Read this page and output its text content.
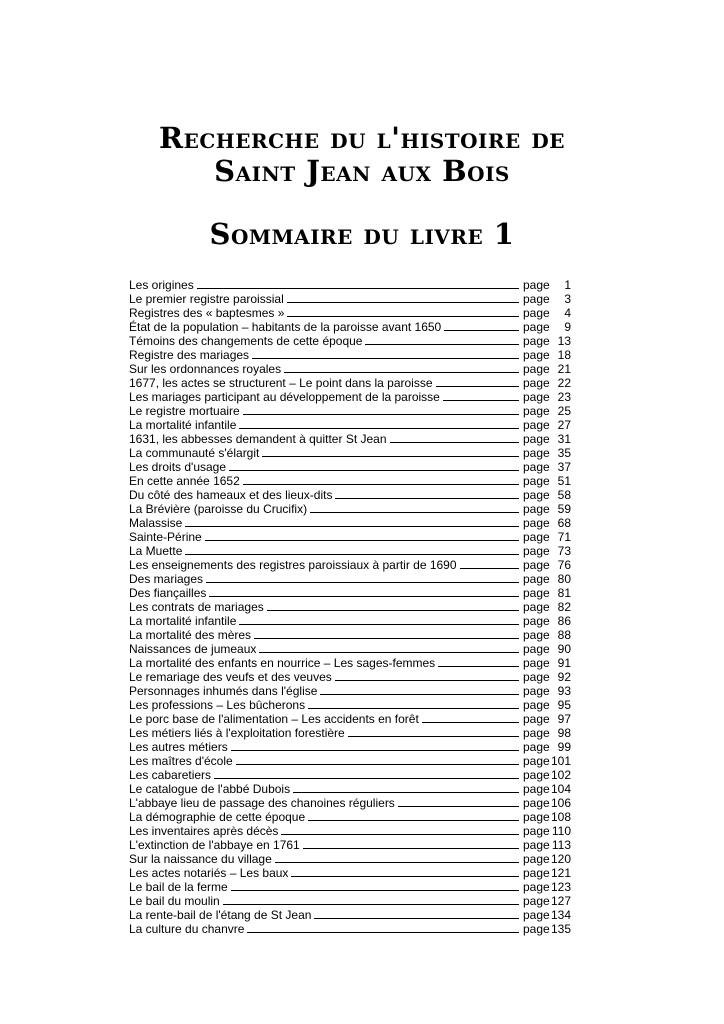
Recherche du l'histoire de
Saint Jean aux Bois
Sommaire du livre 1
Les origines	page	1
Le premier registre paroissial	page	3
Registres des « baptesmes »	page	4
État de la population – habitants de la paroisse avant 1650	page	9
Témoins des changements de cette époque	page 13
Registre des mariages	page 18
Sur les ordonnances royales	page 21
1677, les actes se structurent – Le point dans la paroisse	page 22
Les mariages participant au développement de la paroisse	page 23
Le registre mortuaire	page 25
La mortalité infantile	page 27
1631, les abbesses demandent à quitter St Jean	page 31
La communauté s'élargit	page 35
Les droits d'usage	page 37
En cette année 1652	page 51
Du côté des hameaux et des lieux-dits	page 58
La Brévière (paroisse du Crucifix)	page 59
Malassise	page 68
Sainte-Périne	page 71
La Muette	page 73
Les enseignements des registres paroissiaux à partir de 1690	page 76
Des mariages	page 80
Des fiançailles	page 81
Les contrats de mariages	page 82
La mortalité infantile	page 86
La mortalité des mères	page 88
Naissances de jumeaux	page 90
La mortalité des enfants en nourrice – Les sages-femmes	page 91
Le remariage des veufs et des veuves	page 92
Personnages inhumés dans l'église	page 93
Les professions – Les bûcherons	page 95
Le porc base de l'alimentation – Les accidents en forêt	page 97
Les métiers liés à l'exploitation forestière	page 98
Les autres métiers	page 99
Les maîtres d'école	page 101
Les cabaretiers	page 102
Le catalogue de l'abbé Dubois	page 104
L'abbaye lieu de passage des chanoines réguliers	page 106
La démographie de cette époque	page 108
Les inventaires après décès	page 110
L'extinction de l'abbaye en 1761	page 113
Sur la naissance du village	page 120
Les actes notariés – Les baux	page 121
Le bail de la ferme	page 123
Le bail du moulin	page 127
La rente-bail de l'étang de St Jean	page 134
La culture du chanvre	page 135
